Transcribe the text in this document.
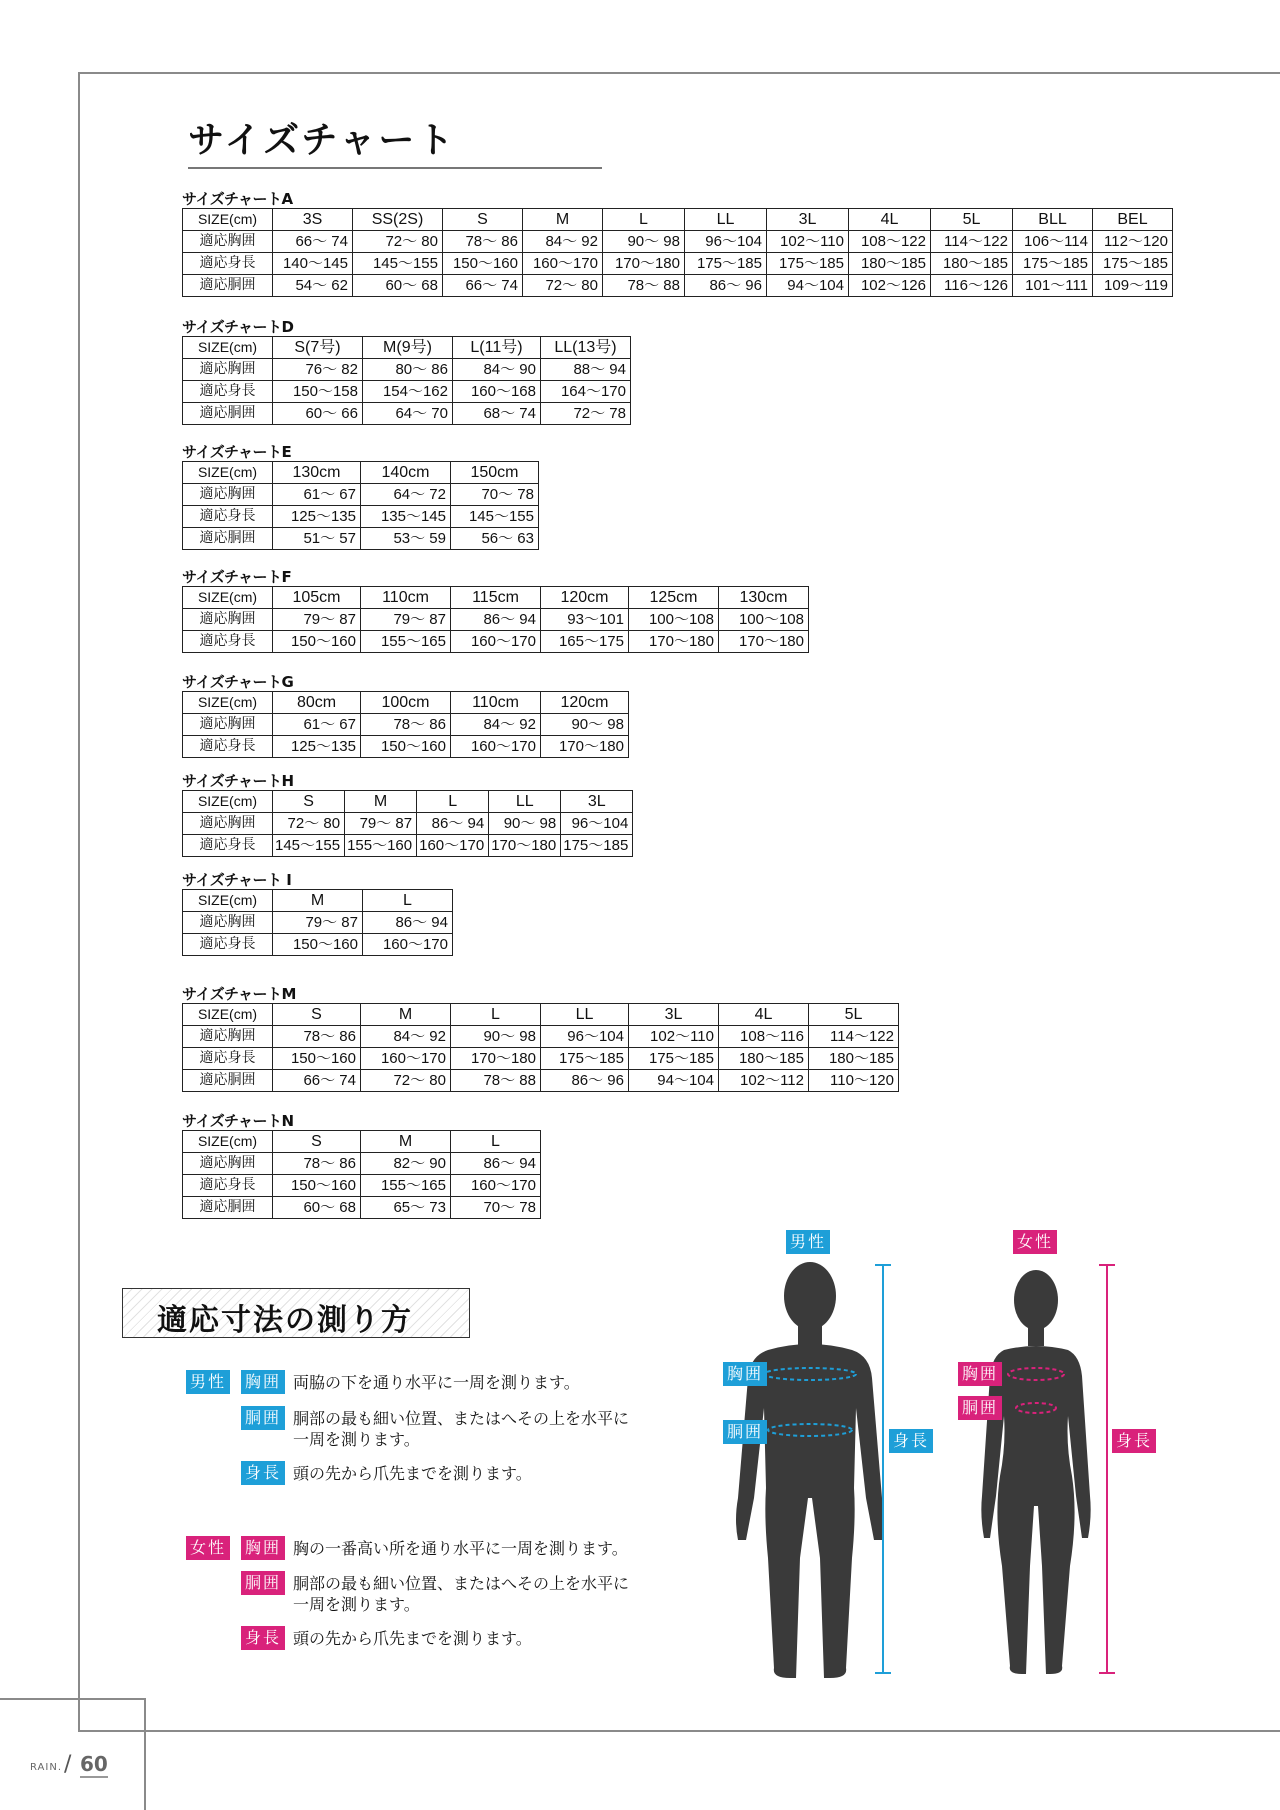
サイズチャート
サイズチャートA
SIZE(cm)	3S	SS(2S)	S	M	L	LL	3L	4L	5L	BLL	BEL
適応胸囲	66～ 74	72～ 80	78～ 86	84～ 92	90～ 98	96～104	102～110	108～122	114～122	106～114	112～120
適応身長	140～145	145～155	150～160	160～170	170～180	175～185	175～185	180～185	180～185	175～185	175～185
適応胴囲	54～ 62	60～ 68	66～ 74	72～ 80	78～ 88	86～ 96	94～104	102～126	116～126	101～111	109～119
サイズチャートD
SIZE(cm)	S(7号)	M(9号)	L(11号)	LL(13号)
適応胸囲	76～ 82	80～ 86	84～ 90	88～ 94
適応身長	150～158	154～162	160～168	164～170
適応胴囲	60～ 66	64～ 70	68～ 74	72～ 78
サイズチャートE
SIZE(cm)	130cm	140cm	150cm
適応胸囲	61～ 67	64～ 72	70～ 78
適応身長	125～135	135～145	145～155
適応胴囲	51～ 57	53～ 59	56～ 63
サイズチャートF
SIZE(cm)	105cm	110cm	115cm	120cm	125cm	130cm
適応胸囲	79～ 87	79～ 87	86～ 94	93～101	100～108	100～108
適応身長	150～160	155～165	160～170	165～175	170～180	170～180
サイズチャートG
SIZE(cm)	80cm	100cm	110cm	120cm
適応胸囲	61～ 67	78～ 86	84～ 92	90～ 98
適応身長	125～135	150～160	160～170	170～180
サイズチャートH
SIZE(cm)	S	M	L	LL	3L
適応胸囲	72～ 80	79～ 87	86～ 94	90～ 98	96～104
適応身長	145～155	155～160	160～170	170～180	175～185
サイズチャート I
SIZE(cm)	M	L
適応胸囲	79～ 87	86～ 94
適応身長	150～160	160～170
サイズチャートM
SIZE(cm)	S	M	L	LL	3L	4L	5L
適応胸囲	78～ 86	84～ 92	90～ 98	96～104	102～110	108～116	114～122
適応身長	150～160	160～170	170～180	175～185	175～185	180～185	180～185
適応胴囲	66～ 74	72～ 80	78～ 88	86～ 96	94～104	102～112	110～120
サイズチャートN
SIZE(cm)	S	M	L
適応胸囲	78～ 86	82～ 90	86～ 94
適応身長	150～160	155～165	160～170
適応胴囲	60～ 68	65～ 73	70～ 78
適応寸法の測り方
男性 胸囲 両脇の下を通り水平に一周を測ります。
胴囲 胴部の最も細い位置、またはへその上を水平に
一周を測ります。
身長 頭の先から爪先までを測ります。
女性 胸囲 胸の一番高い所を通り水平に一周を測ります。
胴囲 胴部の最も細い位置、またはへその上を水平に
一周を測ります。
身長 頭の先から爪先までを測ります。
男性
胸囲
胴囲	身長
女性
胸囲
胴囲
身長
RAIN. / 60
